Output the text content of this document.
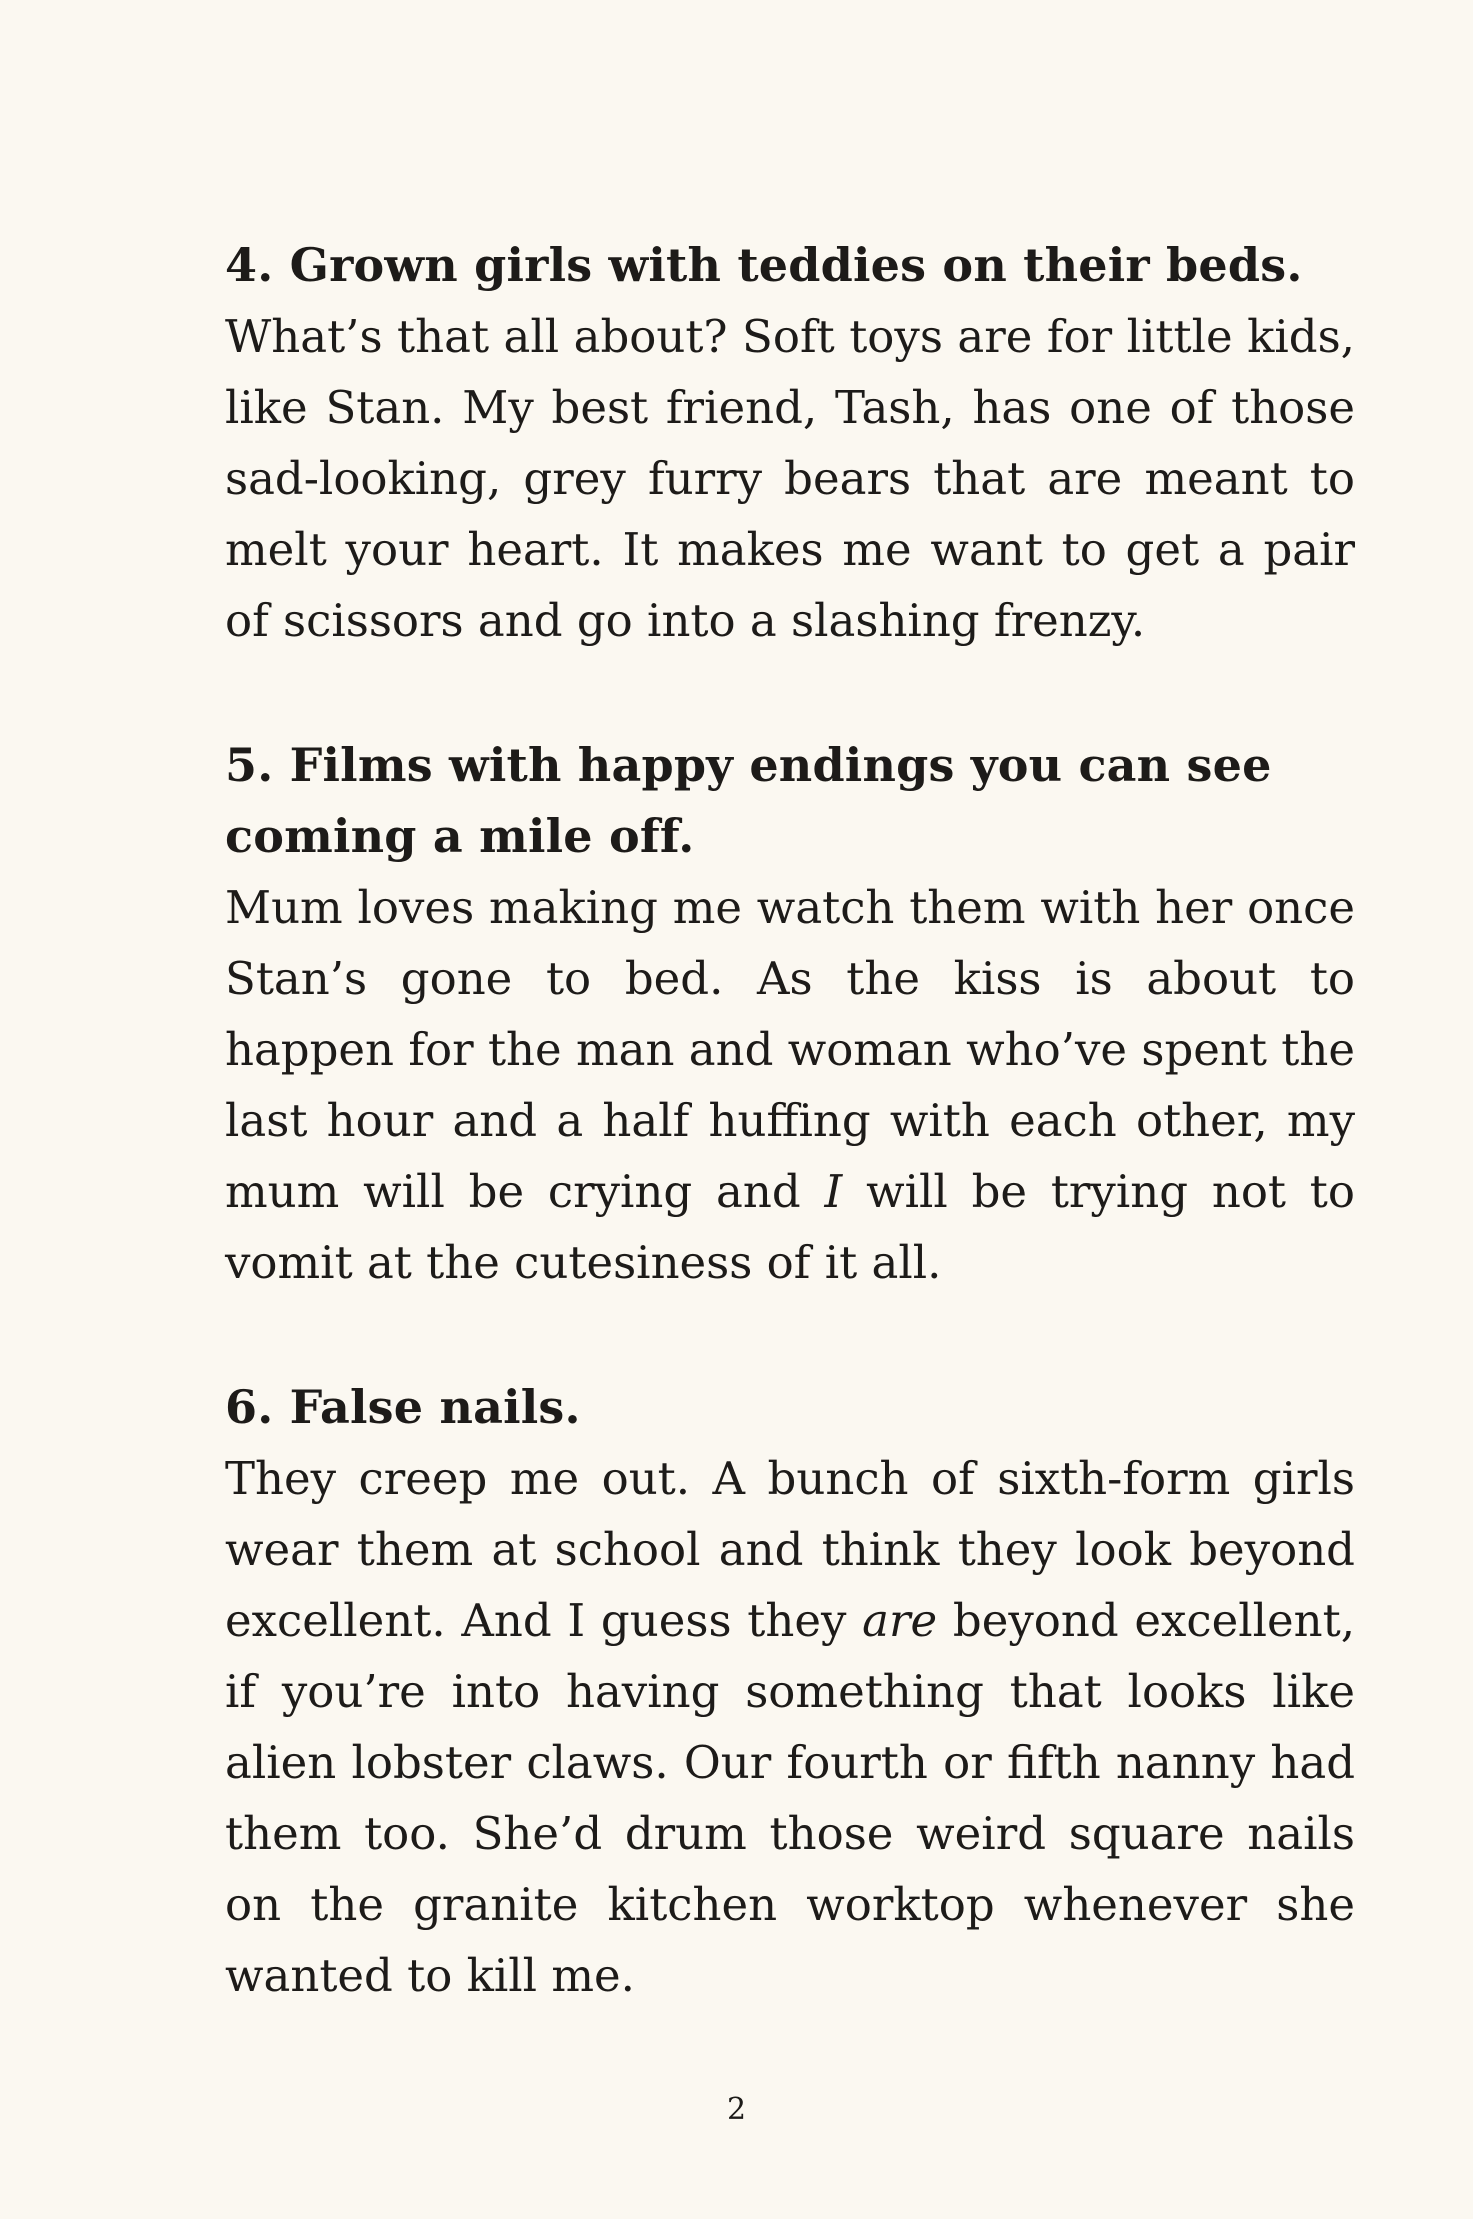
4. Grown girls with teddies on their beds.

What’s that all about? Soft toys are for little kids, like Stan. My best friend, Tash, has one of those sad-looking, grey furry bears that are meant to melt your heart. It makes me want to get a pair of scissors and go into a slashing frenzy.

5. Films with happy endings you can see coming a mile off.

Mum loves making me watch them with her once Stan’s gone to bed. As the kiss is about to happen for the man and woman who’ve spent the last hour and a half huffing with each other, my mum will be crying and I will be trying not to vomit at the cutesiness of it all.

6. False nails.

They creep me out. A bunch of sixth-form girls wear them at school and think they look beyond excellent. And I guess they are beyond excellent, if you’re into having something that looks like alien lobster claws. Our fourth or fifth nanny had them too. She’d drum those weird square nails on the granite kitchen worktop whenever she wanted to kill me.

2
